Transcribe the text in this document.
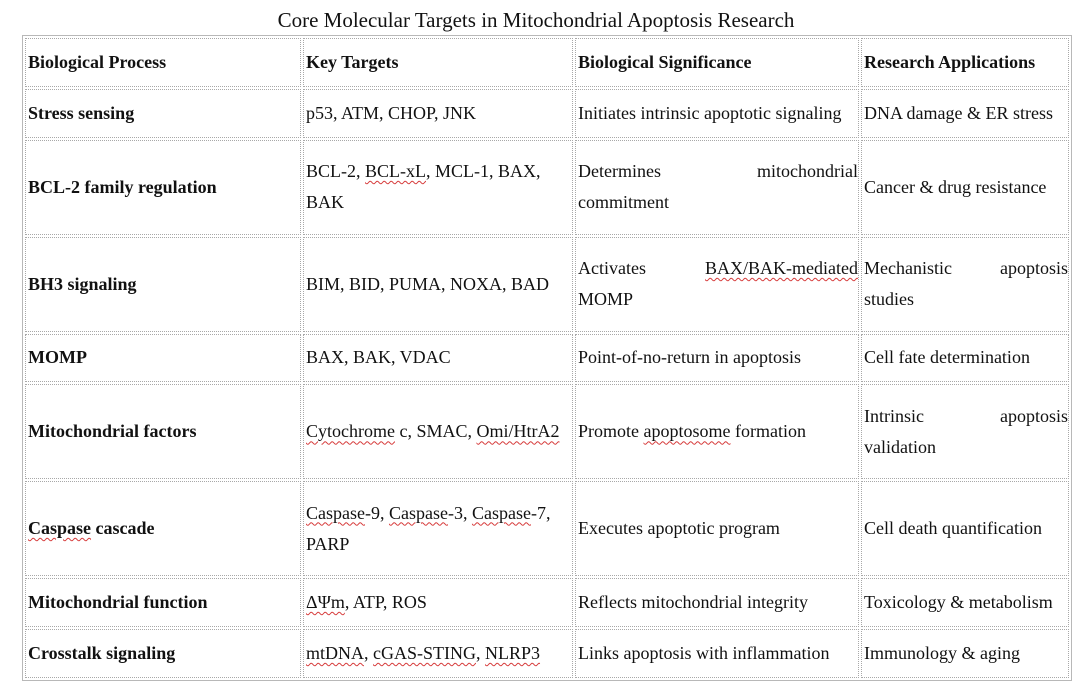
Core Molecular Targets in Mitochondrial Apoptosis Research
Biological Process	Key Targets	Biological Significance	Research Applications
Stress sensing	p53, ATM, CHOP, JNK	Initiates intrinsic apoptotic signaling	DNA damage & ER stress
BCL-2 family regulation	BCL-2, BCL-xL, MCL-1, BAX, BAK	Determines mitochondrial commitment	Cancer & drug resistance
BH3 signaling	BIM, BID, PUMA, NOXA, BAD	Activates BAX/BAK-mediated MOMP	Mechanistic apoptosis studies
MOMP	BAX, BAK, VDAC	Point-of-no-return in apoptosis	Cell fate determination
Mitochondrial factors	Cytochrome c, SMAC, Omi/HtrA2	Promote apoptosome formation	Intrinsic apoptosis validation
Caspase cascade	Caspase-9, Caspase-3, Caspase-7, PARP	Executes apoptotic program	Cell death quantification
Mitochondrial function	ΔΨm, ATP, ROS	Reflects mitochondrial integrity	Toxicology & metabolism
Crosstalk signaling	mtDNA, cGAS-STING, NLRP3	Links apoptosis with inflammation	Immunology & aging
